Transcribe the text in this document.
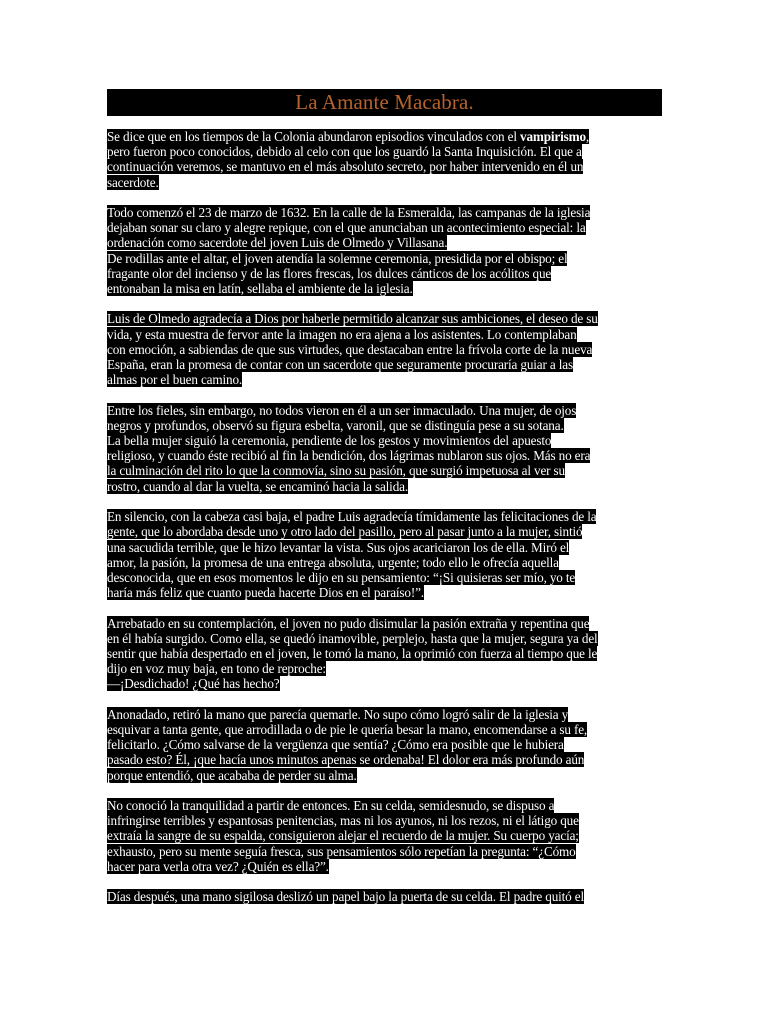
La Amante Macabra.
Se dice que en los tiempos de la Colonia abundaron episodios vinculados con el vampirismo,
pero fueron poco conocidos, debido al celo con que los guardó la Santa Inquisición. El que a
continuación veremos, se mantuvo en el más absoluto secreto, por haber intervenido en él un
sacerdote.
Todo comenzó el 23 de marzo de 1632. En la calle de la Esmeralda, las campanas de la iglesia
dejaban sonar su claro y alegre repique, con el que anunciaban un acontecimiento especial: la
ordenación como sacerdote del joven Luis de Olmedo y Villasana.
De rodillas ante el altar, el joven atendía la solemne ceremonia, presidida por el obispo; el
fragante olor del incienso y de las flores frescas, los dulces cánticos de los acólitos que
entonaban la misa en latín, sellaba el ambiente de la iglesia.
Luis de Olmedo agradecía a Dios por haberle permitido alcanzar sus ambiciones, el deseo de su
vida, y esta muestra de fervor ante la imagen no era ajena a los asistentes. Lo contemplaban
con emoción, a sabiendas de que sus virtudes, que destacaban entre la frívola corte de la nueva
España, eran la promesa de contar con un sacerdote que seguramente procuraría guiar a las
almas por el buen camino.
Entre los fieles, sin embargo, no todos vieron en él a un ser inmaculado. Una mujer, de ojos
negros y profundos, observó su figura esbelta, varonil, que se distinguía pese a su sotana.
La bella mujer siguió la ceremonia, pendiente de los gestos y movimientos del apuesto
religioso, y cuando éste recibió al fin la bendición, dos lágrimas nublaron sus ojos. Más no era
la culminación del rito lo que la conmovía, sino su pasión, que surgió impetuosa al ver su
rostro, cuando al dar la vuelta, se encaminó hacia la salida.
En silencio, con la cabeza casi baja, el padre Luis agradecía tímidamente las felicitaciones de la
gente, que lo abordaba desde uno y otro lado del pasillo, pero al pasar junto a la mujer, sintió
una sacudida terrible, que le hizo levantar la vista. Sus ojos acariciaron los de ella. Miró el
amor, la pasión, la promesa de una entrega absoluta, urgente; todo ello le ofrecía aquella
desconocida, que en esos momentos le dijo en su pensamiento: “¡Si quisieras ser mío, yo te
haría más feliz que cuanto pueda hacerte Dios en el paraíso!”.
Arrebatado en su contemplación, el joven no pudo disimular la pasión extraña y repentina que
en él había surgido. Como ella, se quedó inamovible, perplejo, hasta que la mujer, segura ya del
sentir que había despertado en el joven, le tomó la mano, la oprimió con fuerza al tiempo que le
dijo en voz muy baja, en tono de reproche:
—¡Desdichado! ¿Qué has hecho?
Anonadado, retiró la mano que parecía quemarle. No supo cómo logró salir de la iglesia y
esquivar a tanta gente, que arrodillada o de pie le quería besar la mano, encomendarse a su fe,
felicitarlo. ¿Cómo salvarse de la vergüenza que sentía? ¿Cómo era posible que le hubiera
pasado esto? Él, ¡que hacía unos minutos apenas se ordenaba! El dolor era más profundo aún
porque entendió, que acababa de perder su alma.
No conoció la tranquilidad a partir de entonces. En su celda, semidesnudo, se dispuso a
infringirse terribles y espantosas penitencias, mas ni los ayunos, ni los rezos, ni el látigo que
extraía la sangre de su espalda, consiguieron alejar el recuerdo de la mujer. Su cuerpo yacía;
exhausto, pero su mente seguía fresca, sus pensamientos sólo repetían la pregunta: “¿Cómo
hacer para verla otra vez? ¿Quién es ella?”.
Días después, una mano sigilosa deslizó un papel bajo la puerta de su celda. El padre quitó el
